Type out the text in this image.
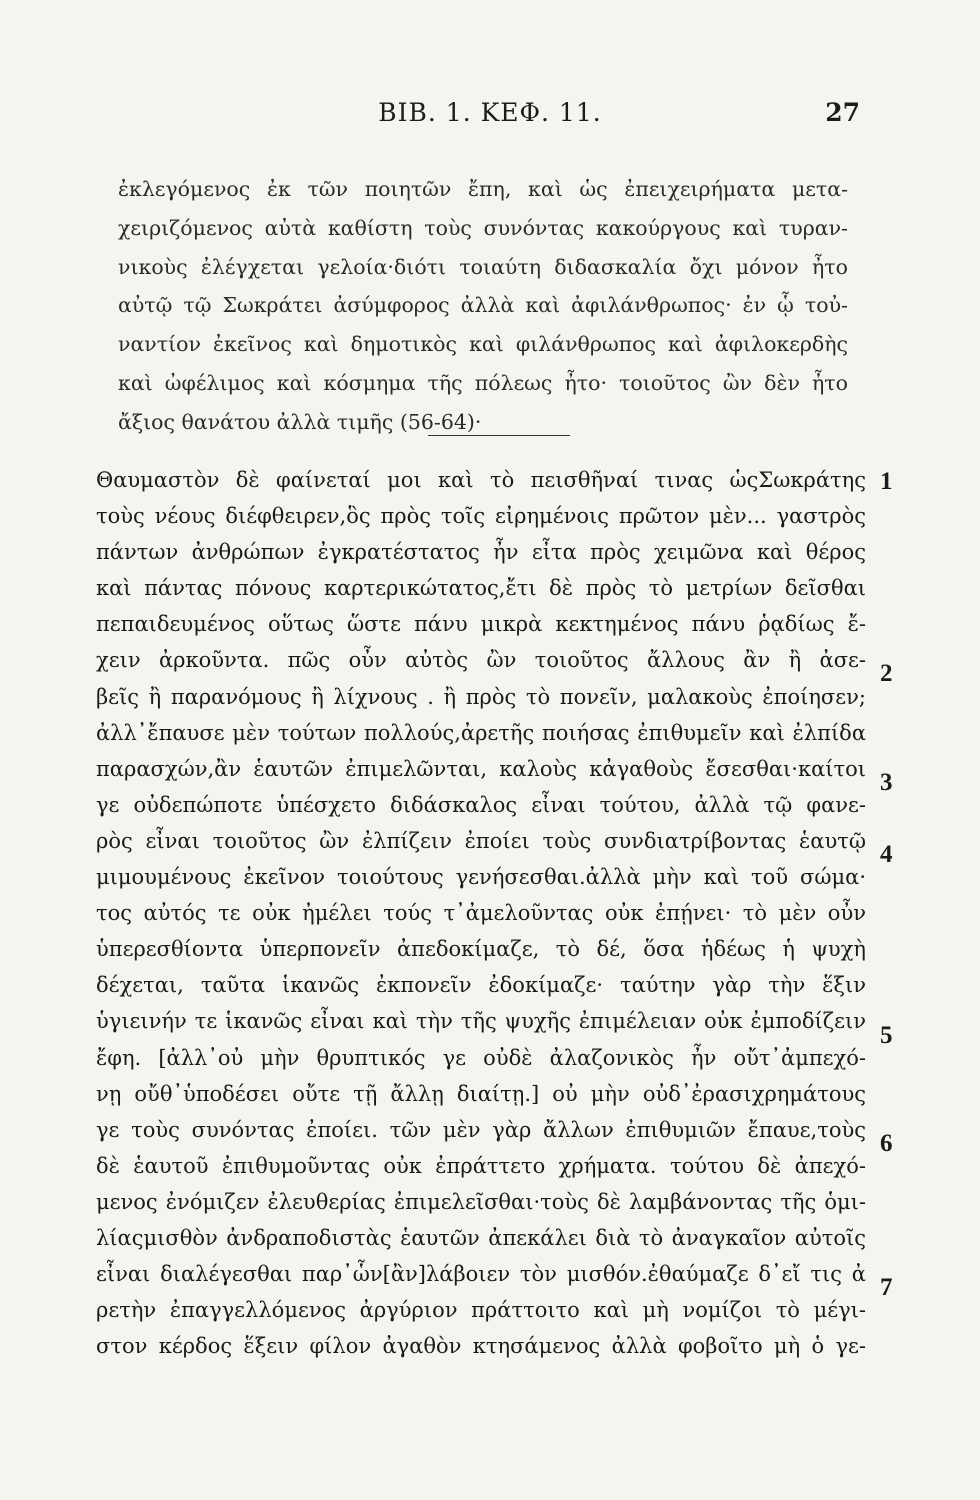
ΒΙΒ. 1. ΚΕΦ. 11.	27
ἐκλεγόμενος ἐκ τῶν ποιητῶν ἔπη, καὶ ὡς ἐπειχειρήματα μετα-
χειριζόμενος αὐτὰ καθίστη τοὺς συνόντας κακούργους καὶ τυραν-
νικοὺς ἐλέγχεται γελοία·διότι τοιαύτη διδασκαλία ὄχι μόνον ἦτο
αὐτῷ τῷ Σωκράτει ἀσύμφορος ἀλλὰ καὶ ἀφιλάνθρωπος· ἐν ᾧ τοὐ-
ναντίον ἐκεῖνος καὶ δημοτικὸς καὶ φιλάνθρωπος καὶ ἀφιλοκερδὴς
καὶ ὠφέλιμος καὶ κόσμημα τῆς πόλεως ἦτο· τοιοῦτος ὢν δὲν ἦτο
ἄξιος θανάτου ἀλλὰ τιμῆς (56-64)·
Θαυμαστὸν δὲ φαίνεταί μοι καὶ τὸ πεισθῆναί τινας ὡςΣωκράτης
τοὺς νέους διέφθειρεν,ὃς πρὸς τοῖς εἰρημένοις πρῶτον μὲν... γαστρὸς
πάντων ἀνθρώπων ἐγκρατέστατος ἦν εἶτα πρὸς χειμῶνα καὶ θέρος
καὶ πάντας πόνους καρτερικώτατος,ἔτι δὲ πρὸς τὸ μετρίων δεῖσθαι
πεπαιδευμένος οὕτως ὥστε πάνυ μικρὰ κεκτημένος πάνυ ῥᾳδίως ἔ-
χειν ἀρκοῦντα. πῶς οὖν αὐτὸς ὢν τοιοῦτος ἄλλους ἂν ἢ ἀσε-
βεῖς ἢ παρανόμους ἢ λίχνους . ἢ πρὸς τὸ πονεῖν, μαλακοὺς ἐποίησεν;
ἀλλ᾽ἔπαυσε μὲν τούτων πολλούς,ἀρετῆς ποιήσας ἐπιθυμεῖν καὶ ἐλπίδα
παρασχών,ἂν ἑαυτῶν ἐπιμελῶνται, καλοὺς κἀγαθοὺς ἔσεσθαι·καίτοι
γε οὐδεπώποτε ὑπέσχετο διδάσκαλος εἶναι τούτου, ἀλλὰ τῷ φανε-
ρὸς εἶναι τοιοῦτος ὢν ἐλπίζειν ἐποίει τοὺς συνδιατρίβοντας ἑαυτῷ
μιμουμένους ἐκεῖνον τοιούτους γενήσεσθαι.ἀλλὰ μὴν καὶ τοῦ σώμα·
τος αὐτός τε οὐκ ἠμέλει τούς τ᾽ἀμελοῦντας οὐκ ἐπῄνει· τὸ μὲν οὖν
ὑπερεσθίοντα ὑπερπονεῖν ἀπεδοκίμαζε, τὸ δέ, ὅσα ἡδέως ἡ ψυχὴ
δέχεται, ταῦτα ἱκανῶς ἐκπονεῖν ἐδοκίμαζε· ταύτην γὰρ τὴν ἕξιν
ὑγιεινήν τε ἱκανῶς εἶναι καὶ τὴν τῆς ψυχῆς ἐπιμέλειαν οὐκ ἐμποδίζειν
ἔφη. [ἀλλ᾽οὐ μὴν θρυπτικός γε οὐδὲ ἀλαζονικὸς ἦν οὔτ᾽ἀμπεχό-
νῃ οὔθ᾽ὑποδέσει οὔτε τῇ ἄλλῃ διαίτῃ.] οὐ μὴν οὐδ᾽ἐρασιχρημάτους
γε τοὺς συνόντας ἐποίει. τῶν μὲν γὰρ ἄλλων ἐπιθυμιῶν ἔπαυε,τοὺς
δὲ ἑαυτοῦ ἐπιθυμοῦντας οὐκ ἐπράττετο χρήματα. τούτου δὲ ἀπεχό-
μενος ἐνόμιζεν ἐλευθερίας ἐπιμελεῖσθαι·τοὺς δὲ λαμβάνοντας τῆς ὁμι-
λίαςμισθὸν ἀνδραποδιστὰς ἑαυτῶν ἀπεκάλει διὰ τὸ ἀναγκαῖον αὐτοῖς
εἶναι διαλέγεσθαι παρ᾽ὧν[ἂν]λάβοιεν τὸν μισθόν.ἐθαύμαζε δ᾽εἴ τις ἀ
ρετὴν ἐπαγγελλόμενος ἀργύριον πράττοιτο καὶ μὴ νομίζοι τὸ μέγι-
στον κέρδος ἕξειν φίλον ἀγαθὸν κτησάμενος ἀλλὰ φοβοῖτο μὴ ὁ γε-
1
2
3
4
5
6
7
